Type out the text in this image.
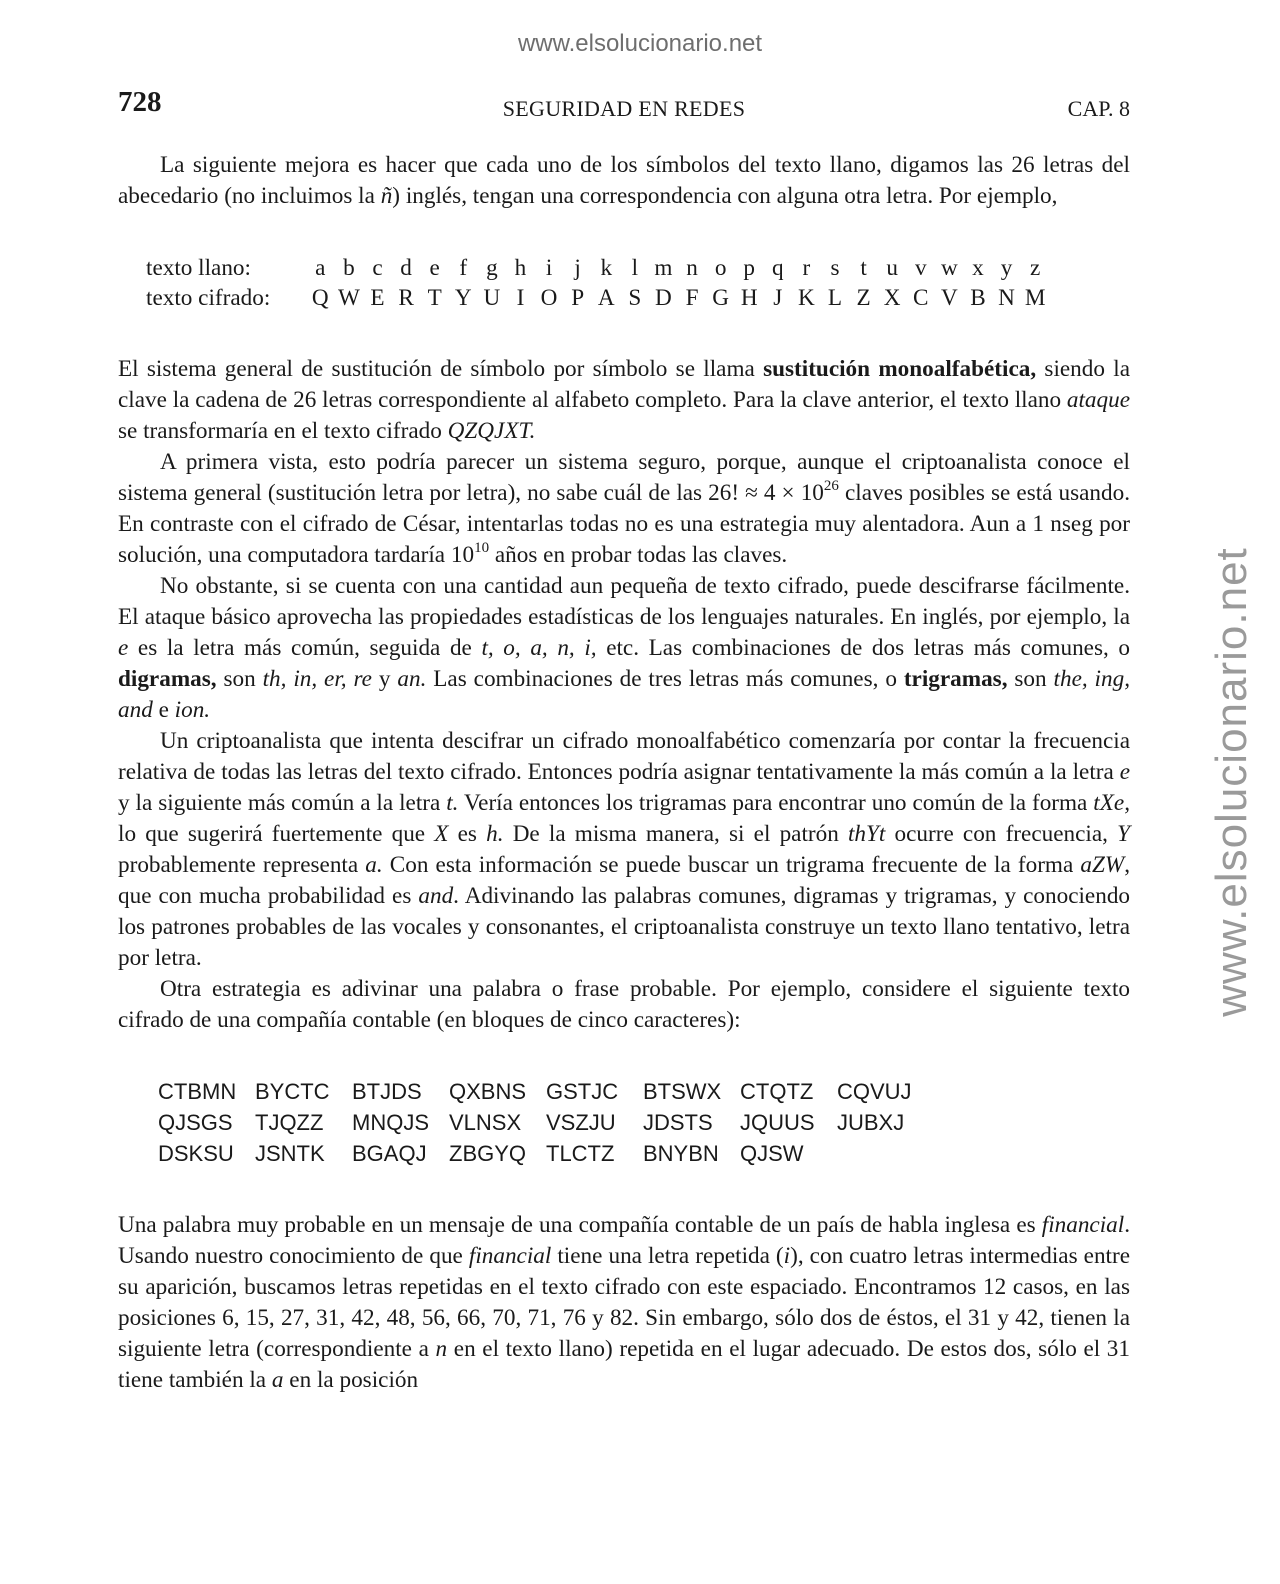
www.elsolucionario.net
www.elsolucionario.net
728	SEGURIDAD EN REDES	CAP. 8

La siguiente mejora es hacer que cada uno de los símbolos del texto llano, digamos las 26 letras del abecedario (no incluimos la ñ) inglés, tengan una correspondencia con alguna otra letra. Por ejemplo,

texto llano:	a b c d e f g h i j k l m n o p q r s t u v w x y z
texto cifrado:	Q W E R T Y U I O P A S D F G H J K L Z X C V B N M

El sistema general de sustitución de símbolo por símbolo se llama sustitución monoalfabética, siendo la clave la cadena de 26 letras correspondiente al alfabeto completo. Para la clave anterior, el texto llano ataque se transformaría en el texto cifrado QZQJXT.

A primera vista, esto podría parecer un sistema seguro, porque, aunque el criptoanalista conoce el sistema general (sustitución letra por letra), no sabe cuál de las 26! ≈ $4 \times 10^{26}$ claves posibles se está usando. En contraste con el cifrado de César, intentarlas todas no es una estrategia muy alentadora. Aun a 1 nseg por solución, una computadora tardaría $10^{10}$ años en probar todas las claves.

No obstante, si se cuenta con una cantidad aun pequeña de texto cifrado, puede descifrarse fácilmente. El ataque básico aprovecha las propiedades estadísticas de los lenguajes naturales. En inglés, por ejemplo, la e es la letra más común, seguida de t, o, a, n, i, etc. Las combinaciones de dos letras más comunes, o digramas, son th, in, er, re y an. Las combinaciones de tres letras más comunes, o trigramas, son the, ing, and e ion.

Un criptoanalista que intenta descifrar un cifrado monoalfabético comenzaría por contar la frecuencia relativa de todas las letras del texto cifrado. Entonces podría asignar tentativamente la más común a la letra e y la siguiente más común a la letra t. Vería entonces los trigramas para encontrar uno común de la forma tXe, lo que sugerirá fuertemente que X es h. De la misma manera, si el patrón thYt ocurre con frecuencia, Y probablemente representa a. Con esta información se puede buscar un trigrama frecuente de la forma aZW, que con mucha probabilidad es and. Adivinando las palabras comunes, digramas y trigramas, y conociendo los patrones probables de las vocales y consonantes, el criptoanalista construye un texto llano tentativo, letra por letra.

Otra estrategia es adivinar una palabra o frase probable. Por ejemplo, considere el siguiente texto cifrado de una compañía contable (en bloques de cinco caracteres):

CTBMN BYCTC	BTJDS	QXBNS GSTJC	BTSWX CTQTZ	CQVUJ
QJSGS	TJQZZ	MNQJS VLNSX	VSZJU	JDSTS	JQUUS	JUBXJ
DSKSU JSNTK	BGAQJ	ZBGYQ TLCTZ	BNYBN QJSW

Una palabra muy probable en un mensaje de una compañía contable de un país de habla inglesa es financial. Usando nuestro conocimiento de que financial tiene una letra repetida (i), con cuatro letras intermedias entre su aparición, buscamos letras repetidas en el texto cifrado con este espaciado. Encontramos 12 casos, en las posiciones 6, 15, 27, 31, 42, 48, 56, 66, 70, 71, 76 y 82. Sin embargo, sólo dos de éstos, el 31 y 42, tienen la siguiente letra (correspondiente a n en el texto llano) repetida en el lugar adecuado. De estos dos, sólo el 31 tiene también la a en la posición
